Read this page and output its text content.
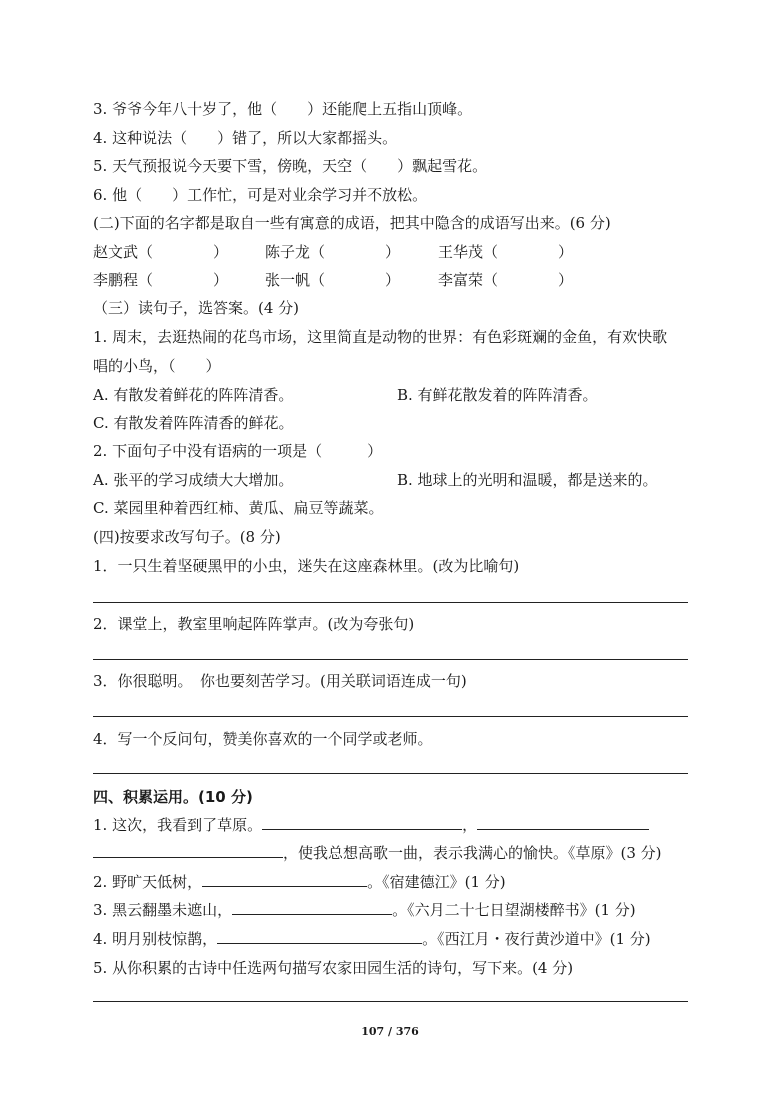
3. 爷爷今年八十岁了，他（　　）还能爬上五指山顶峰。
4. 这种说法（　　）错了，所以大家都摇头。
5. 天气预报说今天要下雪，傍晚，天空（　　）飘起雪花。
6. 他（　　）工作忙，可是对业余学习并不放松。
(二)下面的名字都是取自一些有寓意的成语，把其中隐含的成语写出来。(6 分)
赵文武（　　　　） 陈子龙（　　　　）	王华茂（　　　　）
李鹏程（　　　　） 张一帆（　　　　）	李富荣（　　　　）
（三）读句子，选答案。(4 分)
1. 周末，去逛热闹的花鸟市场，这里简直是动物的世界：有色彩斑斓的金鱼，有欢快歌
唱的小鸟，（　　）
A. 有散发着鲜花的阵阵清香。	B. 有鲜花散发着的阵阵清香。
C. 有散发着阵阵清香的鲜花。
2. 下面句子中没有语病的一项是（　　　）
A. 张平的学习成绩大大增加。	B. 地球上的光明和温暖，都是送来的。
C. 菜园里种着西红柿、黄瓜、扁豆等蔬菜。
(四)按要求改写句子。(8 分)
1．一只生着坚硬黑甲的小虫，迷失在这座森林里。(改为比喻句)
2．课堂上，教室里响起阵阵掌声。(改为夸张句)
3．你很聪明。　你也要刻苦学习。(用关联词语连成一句)
4．写一个反问句，赞美你喜欢的一个同学或老师。
四、积累运用。(10 分)
1. 这次，我看到了草原。	，
，使我总想高歌一曲，表示我满心的愉快。《草原》(3 分)
2. 野旷天低树，	。《宿建德江》(1 分)
3. 黑云翻墨未遮山，	。《六月二十七日望湖楼醉书》(1 分)
4. 明月别枝惊鹊，	。《西江月・夜行黄沙道中》(1 分)
5. 从你积累的古诗中任选两句描写农家田园生活的诗句，写下来。(4 分)
107 / 376
